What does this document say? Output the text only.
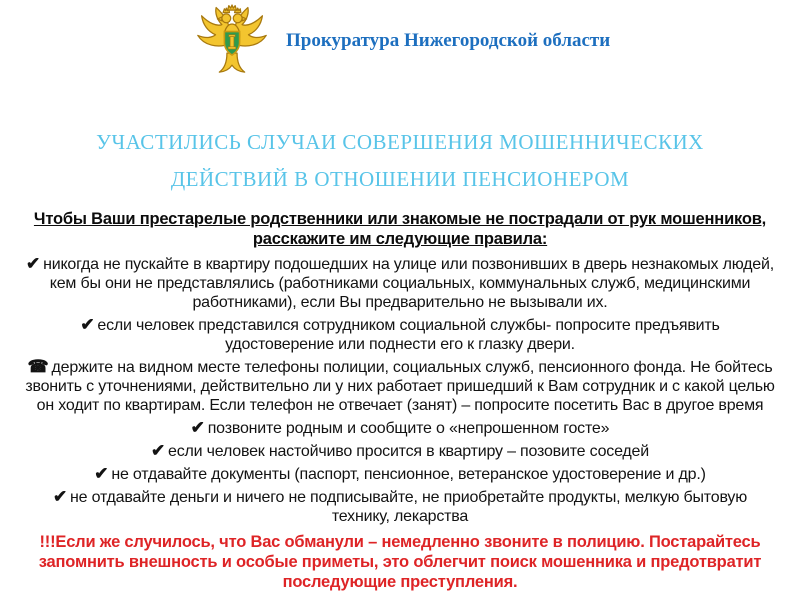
Прокуратура Нижегородской области
УЧАСТИЛИСЬ СЛУЧАИ СОВЕРШЕНИЯ МОШЕННИЧЕСКИХ
ДЕЙСТВИЙ В ОТНОШЕНИИ ПЕНСИОНЕРОМ
Чтобы Ваши престарелые родственники или знакомые не пострадали от рук мошенников, расскажите им следующие правила:

✔ никогда не пускайте в квартиру подошедших на улице или позвонивших в дверь незнакомых людей, кем бы они не представлялись (работниками социальных, коммунальных служб, медицинскими работниками), если Вы предварительно не вызывали их.

✔ если человек представился сотрудником социальной службы- попросите предъявить удостоверение или поднести его к глазку двери.

☎ держите на видном месте телефоны полиции, социальных служб, пенсионного фонда. Не бойтесь звонить с уточнениями, действительно ли у них работает пришедший к Вам сотрудник и с какой целью он ходит по квартирам. Если телефон не отвечает (занят) – попросите посетить Вас в другое время

✔ позвоните родным и сообщите о «непрошенном госте»

✔ если человек настойчиво просится в квартиру – позовите соседей

✔ не отдавайте документы (паспорт, пенсионное, ветеранское удостоверение и др.)

✔ не отдавайте деньги и ничего не подписывайте, не приобретайте продукты, мелкую бытовую технику, лекарства

!!!Если же случилось, что Вас обманули – немедленно звоните в полицию. Постарайтесь запомнить внешность и особые приметы, это облегчит поиск мошенника и предотвратит последующие преступления.
